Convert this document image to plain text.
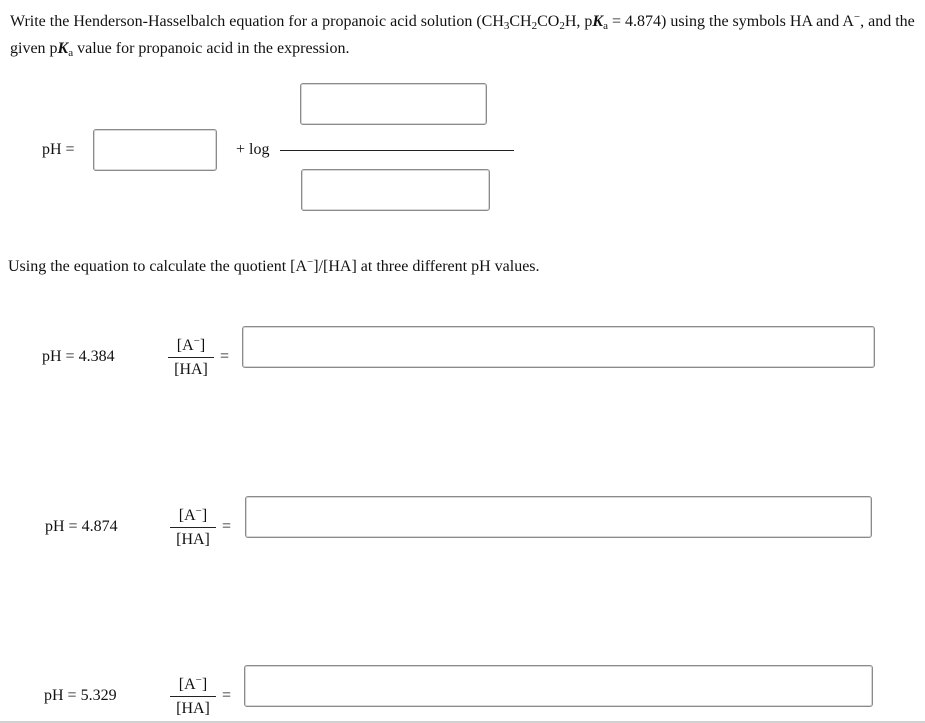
Write the Henderson-Hasselbalch equation for a propanoic acid solution ($CH_3CH_2CO_2H$, $pK_a = 4.874$) using the symbols HA and A−, and the given $pK_a$ value for propanoic acid in the expression.
pH =	+ log
Using the equation to calculate the quotient [A−]/[HA] at three different pH values.
pH = 4.384
[A−]
[HA]
=
pH = 4.874
[A−]
[HA]
=
pH = 5.329
[A−]
[HA]
=
